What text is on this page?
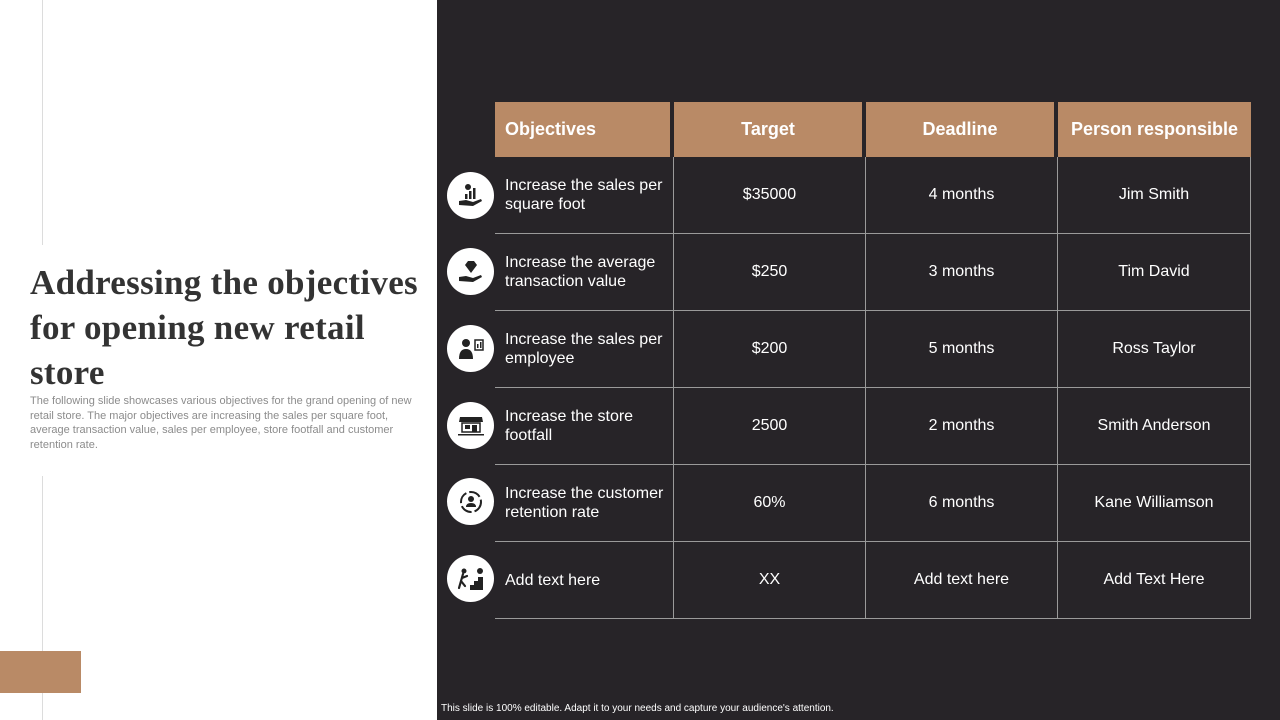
Addressing the objectives for opening new retail store

The following slide showcases various objectives for the grand opening of new retail store. The major objectives are increasing the sales per square foot, average transaction value, sales per employee, store footfall and customer retention rate.

Objectives	Target	Deadline	Person responsible
Increase the sales per square foot	$35000	4 months	Jim Smith
Increase the average transaction value	$250	3 months	Tim David
Increase the sales per employee	$200	5 months	Ross Taylor
Increase the store footfall	2500	2 months	Smith Anderson
Increase the customer retention rate	60%	6 months	Kane Williamson
Add text here	XX	Add text here	Add Text Here
This slide is 100% editable. Adapt it to your needs and capture your audience's attention.
